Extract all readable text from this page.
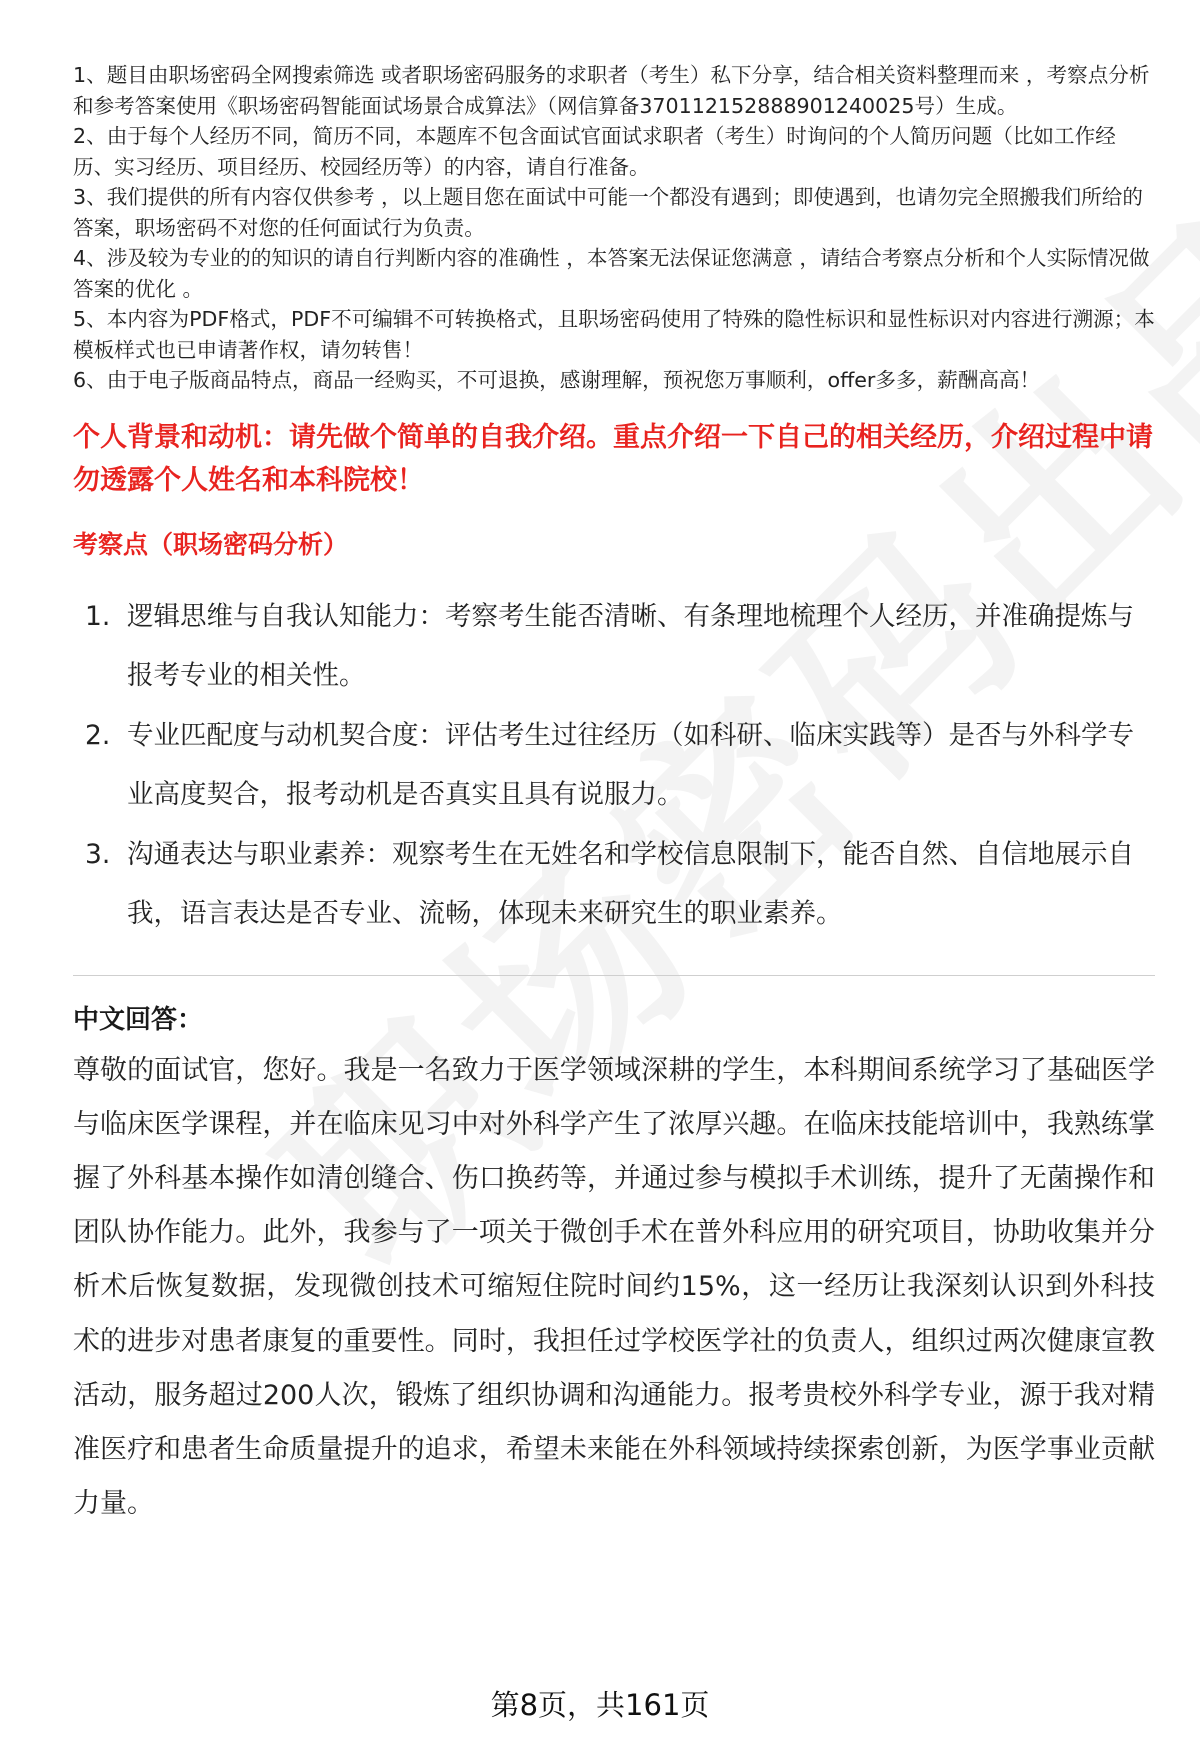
1、题目由职场密码全网搜索筛选 或者职场密码服务的求职者（考生）私下分享，结合相关资料整理而来 ，考察点分析和参考答案使用《职场密码智能面试场景合成算法》（网信算备370112152888901240025号）生成。
2、由于每个人经历不同，简历不同，本题库不包含面试官面试求职者（考生）时询问的个人简历问题（比如工作经历、实习经历、项目经历、校园经历等）的内容，请自行准备。
3、我们提供的所有内容仅供参考 ，以上题目您在面试中可能一个都没有遇到；即使遇到，也请勿完全照搬我们所给的答案，职场密码不对您的任何面试行为负责。
4、涉及较为专业的的知识的请自行判断内容的准确性 ，本答案无法保证您满意 ，请结合考察点分析和个人实际情况做答案的优化 。
5、本内容为PDF格式，PDF不可编辑不可转换格式，且职场密码使用了特殊的隐性标识和显性标识对内容进行溯源；本模板样式也已申请著作权，请勿转售！
6、由于电子版商品特点，商品一经购买，不可退换，感谢理解，预祝您万事顺利，offer多多，薪酬高高！
个人背景和动机：请先做个简单的自我介绍。重点介绍一下自己的相关经历，介绍过程中请勿透露个人姓名和本科院校！
考察点（职场密码分析）
1. 逻辑思维与自我认知能力：考察考生能否清晰、有条理地梳理个人经历，并准确提炼与报考专业的相关性。
2. 专业匹配度与动机契合度：评估考生过往经历（如科研、临床实践等）是否与外科学专业高度契合，报考动机是否真实且具有说服力。
3. 沟通表达与职业素养：观察考生在无姓名和学校信息限制下，能否自然、自信地展示自我，语言表达是否专业、流畅，体现未来研究生的职业素养。
中文回答：
尊敬的面试官，您好。我是一名致力于医学领域深耕的学生，本科期间系统学习了基础医学与临床医学课程，并在临床见习中对外科学产生了浓厚兴趣。在临床技能培训中，我熟练掌握了外科基本操作如清创缝合、伤口换药等，并通过参与模拟手术训练，提升了无菌操作和团队协作能力。此外，我参与了一项关于微创手术在普外科应用的研究项目，协助收集并分析术后恢复数据，发现微创技术可缩短住院时间约15%，这一经历让我深刻认识到外科技术的进步对患者康复的重要性。同时，我担任过学校医学社的负责人，组织过两次健康宣教活动，服务超过200人次，锻炼了组织协调和沟通能力。报考贵校外科学专业，源于我对精准医疗和患者生命质量提升的追求，希望未来能在外科领域持续探索创新，为医学事业贡献力量。
第8页，共161页
